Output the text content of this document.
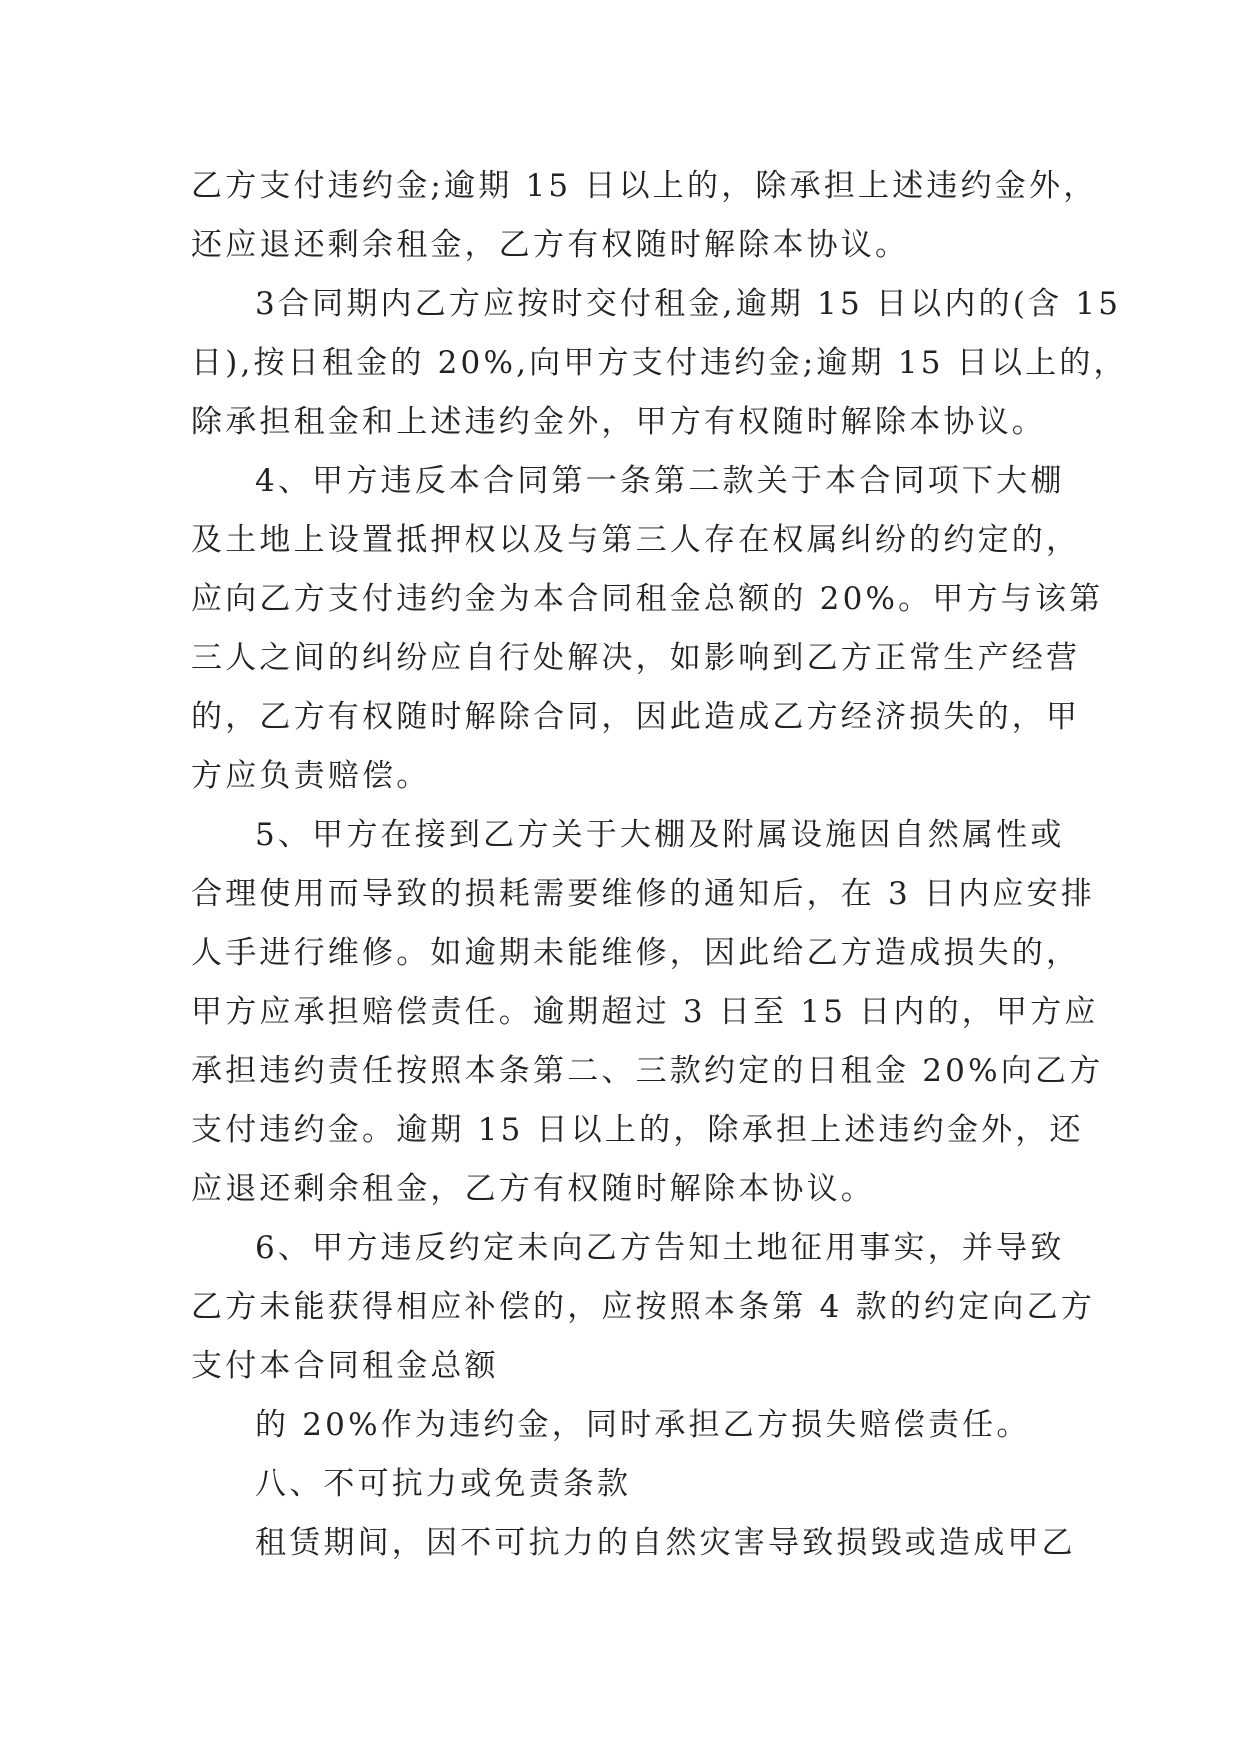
乙方支付违约金;逾期 15 日以上的，除承担上述违约金外，
还应退还剩余租金，乙方有权随时解除本协议。
3合同期内乙方应按时交付租金,逾期 15 日以内的(含 15
日),按日租金的 20%,向甲方支付违约金;逾期 15 日以上的，
除承担租金和上述违约金外，甲方有权随时解除本协议。
4、甲方违反本合同第一条第二款关于本合同项下大棚
及土地上设置抵押权以及与第三人存在权属纠纷的约定的，
应向乙方支付违约金为本合同租金总额的 20%。甲方与该第
三人之间的纠纷应自行处解决，如影响到乙方正常生产经营
的，乙方有权随时解除合同，因此造成乙方经济损失的，甲
方应负责赔偿。
5、甲方在接到乙方关于大棚及附属设施因自然属性或
合理使用而导致的损耗需要维修的通知后，在 3 日内应安排
人手进行维修。如逾期未能维修，因此给乙方造成损失的，
甲方应承担赔偿责任。逾期超过 3 日至 15 日内的，甲方应
承担违约责任按照本条第二、三款约定的日租金 20%向乙方
支付违约金。逾期 15 日以上的，除承担上述违约金外，还
应退还剩余租金，乙方有权随时解除本协议。
6、甲方违反约定未向乙方告知土地征用事实，并导致
乙方未能获得相应补偿的，应按照本条第 4 款的约定向乙方
支付本合同租金总额
的 20%作为违约金，同时承担乙方损失赔偿责任。
八、不可抗力或免责条款
租赁期间，因不可抗力的自然灾害导致损毁或造成甲乙
